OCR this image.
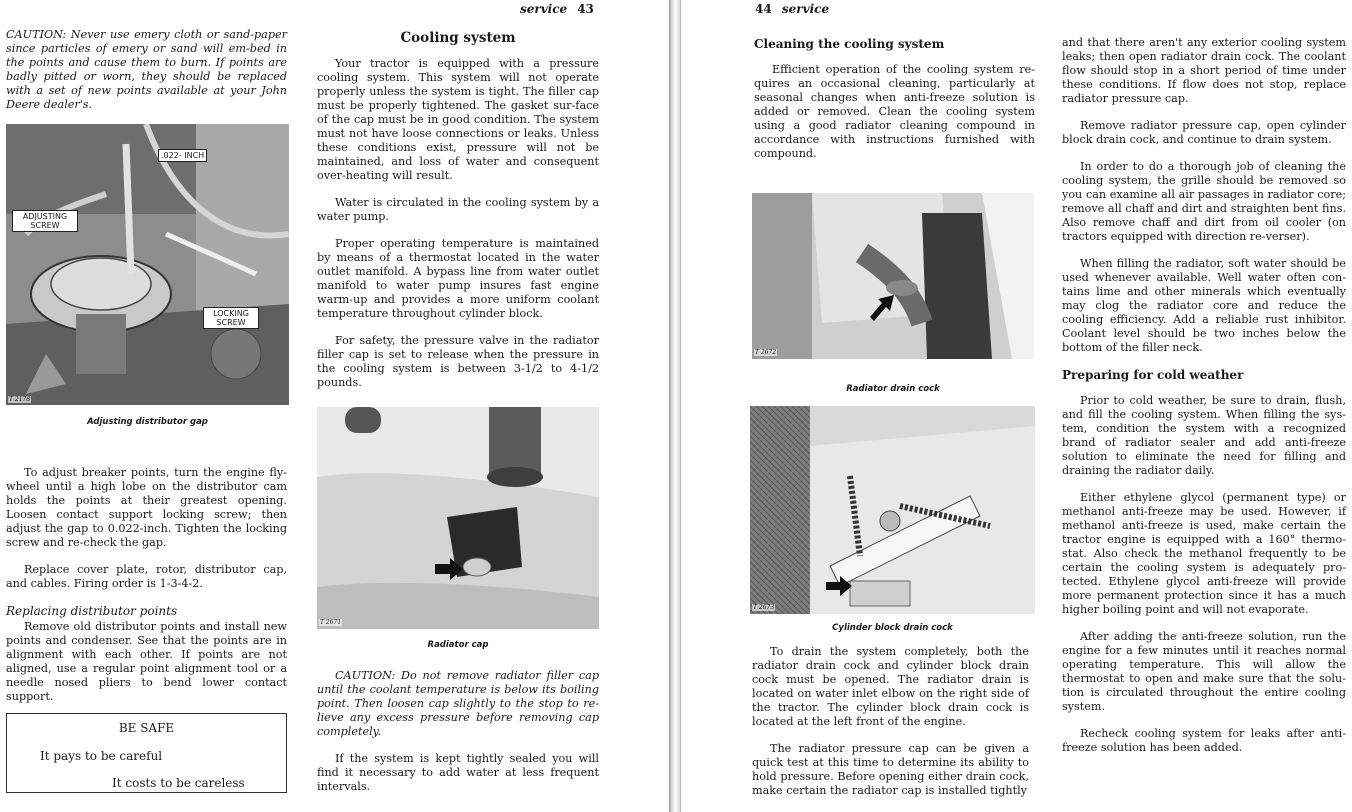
service 43

CAUTION: Never use emery cloth or sand-paper since particles of emery or sand will em-bed in the points and cause them to burn. If points are badly pitted or worn, they should be replaced with a set of new points available at your John Deere dealer's.

.022- INCH
ADJUSTING SCREW
LOCKING SCREW
T 2178
Adjusting distributor gap

To adjust breaker points, turn the engine fly-wheel until a high lobe on the distributor cam holds the points at their greatest opening. Loosen contact support locking screw; then adjust the gap to 0.022-inch. Tighten the locking screw and re-check the gap.

Replace cover plate, rotor, distributor cap, and cables. Firing order is 1-3-4-2.

Replacing distributor points

Remove old distributor points and install new points and condenser. See that the points are in alignment with each other. If points are not aligned, use a regular point alignment tool or a needle nosed pliers to bend lower contact support.

BE SAFE
It pays to be careful
It costs to be careless
Cooling system

Your tractor is equipped with a pressure cooling system. This system will not operate properly unless the system is tight. The filler cap must be properly tightened. The gasket sur-face of the cap must be in good condition. The system must not have loose connections or leaks. Unless these conditions exist, pressure will not be maintained, and loss of water and consequent over-heating will result.

Water is circulated in the cooling system by a water pump.

Proper operating temperature is maintained by means of a thermostat located in the water outlet manifold. A bypass line from water outlet manifold to water pump insures fast engine warm-up and provides a more uniform coolant temperature throughout cylinder block.

For safety, the pressure valve in the radiator filler cap is set to release when the pressure in the cooling system is between 3-1/2 to 4-1/2 pounds.

T 2671
Radiator cap

CAUTION: Do not remove radiator filler cap until the coolant temperature is below its boiling point. Then loosen cap slightly to the stop to re-lieve any excess pressure before removing cap completely.

If the system is kept tightly sealed you will find it necessary to add water at less frequent intervals.

44 service
Cleaning the cooling system

Efficient operation of the cooling system re-quires an occasional cleaning, particularly at seasonal changes when anti-freeze solution is added or removed. Clean the cooling system using a good radiator cleaning compound in accordance with instructions furnished with compound.

T 2672
Radiator drain cock
T 2673
Cylinder block drain cock

To drain the system completely, both the radiator drain cock and cylinder block drain cock must be opened. The radiator drain is located on water inlet elbow on the right side of the tractor. The cylinder block drain cock is located at the left front of the engine.

The radiator pressure cap can be given a quick test at this time to determine its ability to hold pressure. Before opening either drain cock, make certain the radiator cap is installed tightly

and that there aren't any exterior cooling system leaks; then open radiator drain cock. The coolant flow should stop in a short period of time under these conditions. If flow does not stop, replace radiator pressure cap.

Remove radiator pressure cap, open cylinder block drain cock, and continue to drain system.

In order to do a thorough job of cleaning the cooling system, the grille should be removed so you can examine all air passages in radiator core; remove all chaff and dirt and straighten bent fins. Also remove chaff and dirt from oil cooler (on tractors equipped with direction re-verser).

When filling the radiator, soft water should be used whenever available. Well water often con-tains lime and other minerals which eventually may clog the radiator core and reduce the cooling efficiency. Add a reliable rust inhibitor. Coolant level should be two inches below the bottom of the filler neck.

Preparing for cold weather

Prior to cold weather, be sure to drain, flush, and fill the cooling system. When filling the sys-tem, condition the system with a recognized brand of radiator sealer and add anti-freeze solution to eliminate the need for filling and draining the radiator daily.

Either ethylene glycol (permanent type) or methanol anti-freeze may be used. However, if methanol anti-freeze is used, make certain the tractor engine is equipped with a 160° thermo-stat. Also check the methanol frequently to be certain the cooling system is adequately pro-tected. Ethylene glycol anti-freeze will provide more permanent protection since it has a much higher boiling point and will not evaporate.

After adding the anti-freeze solution, run the engine for a few minutes until it reaches normal operating temperature. This will allow the thermostat to open and make sure that the solu-tion is circulated throughout the entire cooling system.

Recheck cooling system for leaks after anti-freeze solution has been added.
